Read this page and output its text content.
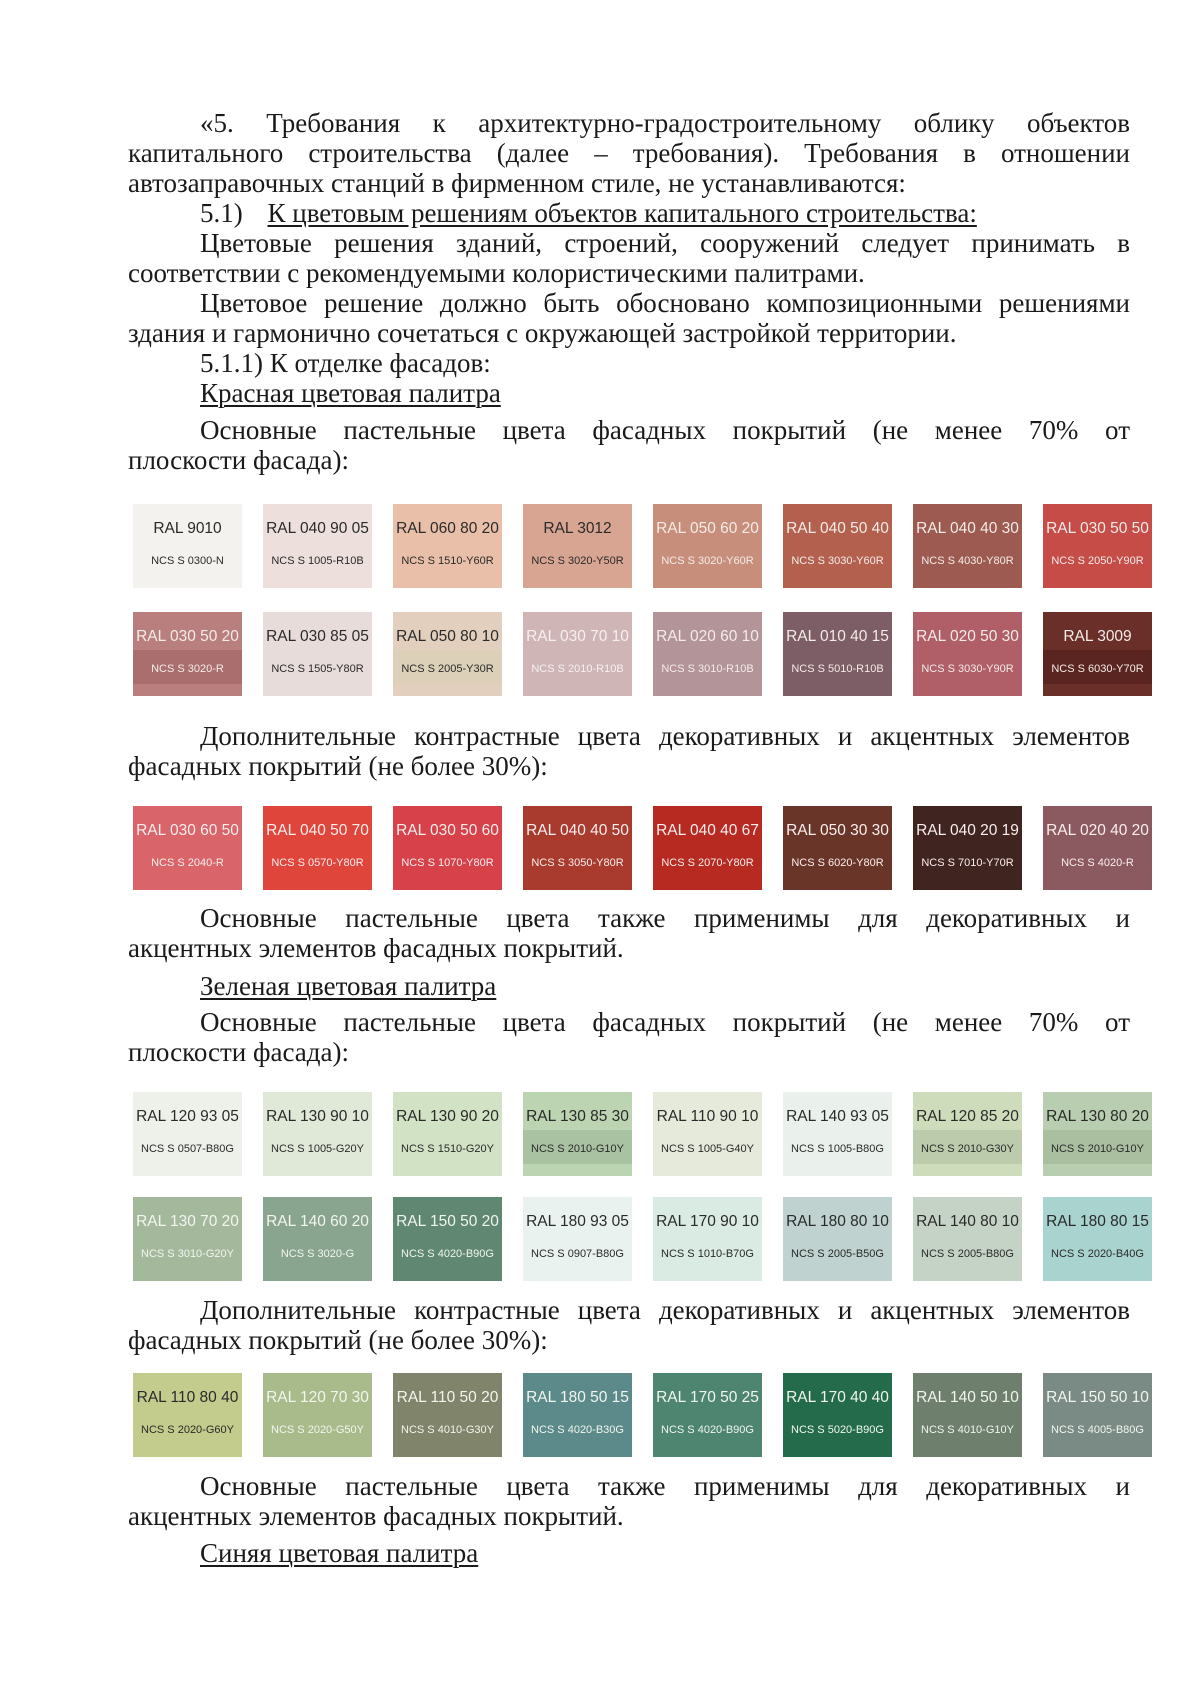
«5. Требования к архитектурно-градостроительному облику объектов

капитального строительства (далее – требования). Требования в отношении

автозаправочных станций в фирменном стиле, не устанавливаются:

5.1) К цветовым решениям объектов капитального строительства:

Цветовые решения зданий, строений, сооружений следует принимать в

соответствии с рекомендуемыми колористическими палитрами.

Цветовое решение должно быть обосновано композиционными решениями

здания и гармонично сочетаться с окружающей застройкой территории.

5.1.1) К отделке фасадов:

Красная цветовая палитра

Основные пастельные цвета фасадных покрытий (не менее 70% от

плоскости фасада):

RAL 9010
NCS S 0300-N
RAL 040 90 05
NCS S 1005-R10B
RAL 060 80 20
NCS S 1510-Y60R
RAL 3012
NCS S 3020-Y50R
RAL 050 60 20
NCS S 3020-Y60R
RAL 040 50 40
NCS S 3030-Y60R
RAL 040 40 30
NCS S 4030-Y80R
RAL 030 50 50
NCS S 2050-Y90R
RAL 030 50 20
NCS S 3020-R
RAL 030 85 05
NCS S 1505-Y80R
RAL 050 80 10
NCS S 2005-Y30R
RAL 030 70 10
NCS S 2010-R10B
RAL 020 60 10
NCS S 3010-R10B
RAL 010 40 15
NCS S 5010-R10B
RAL 020 50 30
NCS S 3030-Y90R
RAL 3009
NCS S 6030-Y70R

Дополнительные контрастные цвета декоративных и акцентных элементов

фасадных покрытий (не более 30%):

RAL 030 60 50
NCS S 2040-R
RAL 040 50 70
NCS S 0570-Y80R
RAL 030 50 60
NCS S 1070-Y80R
RAL 040 40 50
NCS S 3050-Y80R
RAL 040 40 67
NCS S 2070-Y80R
RAL 050 30 30
NCS S 6020-Y80R
RAL 040 20 19
NCS S 7010-Y70R
RAL 020 40 20
NCS S 4020-R

Основные пастельные цвета также применимы для декоративных и

акцентных элементов фасадных покрытий.

Зеленая цветовая палитра

Основные пастельные цвета фасадных покрытий (не менее 70% от

плоскости фасада):

RAL 120 93 05
NCS S 0507-B80G
RAL 130 90 10
NCS S 1005-G20Y
RAL 130 90 20
NCS S 1510-G20Y
RAL 130 85 30
NCS S 2010-G10Y
RAL 110 90 10
NCS S 1005-G40Y
RAL 140 93 05
NCS S 1005-B80G
RAL 120 85 20
NCS S 2010-G30Y
RAL 130 80 20
NCS S 2010-G10Y
RAL 130 70 20
NCS S 3010-G20Y
RAL 140 60 20
NCS S 3020-G
RAL 150 50 20
NCS S 4020-B90G
RAL 180 93 05
NCS S 0907-B80G
RAL 170 90 10
NCS S 1010-B70G
RAL 180 80 10
NCS S 2005-B50G
RAL 140 80 10
NCS S 2005-B80G
RAL 180 80 15
NCS S 2020-B40G

Дополнительные контрастные цвета декоративных и акцентных элементов

фасадных покрытий (не более 30%):

RAL 110 80 40
NCS S 2020-G60Y
RAL 120 70 30
NCS S 2020-G50Y
RAL 110 50 20
NCS S 4010-G30Y
RAL 180 50 15
NCS S 4020-B30G
RAL 170 50 25
NCS S 4020-B90G
RAL 170 40 40
NCS S 5020-B90G
RAL 140 50 10
NCS S 4010-G10Y
RAL 150 50 10
NCS S 4005-B80G

Основные пастельные цвета также применимы для декоративных и

акцентных элементов фасадных покрытий.

Синяя цветовая палитра
